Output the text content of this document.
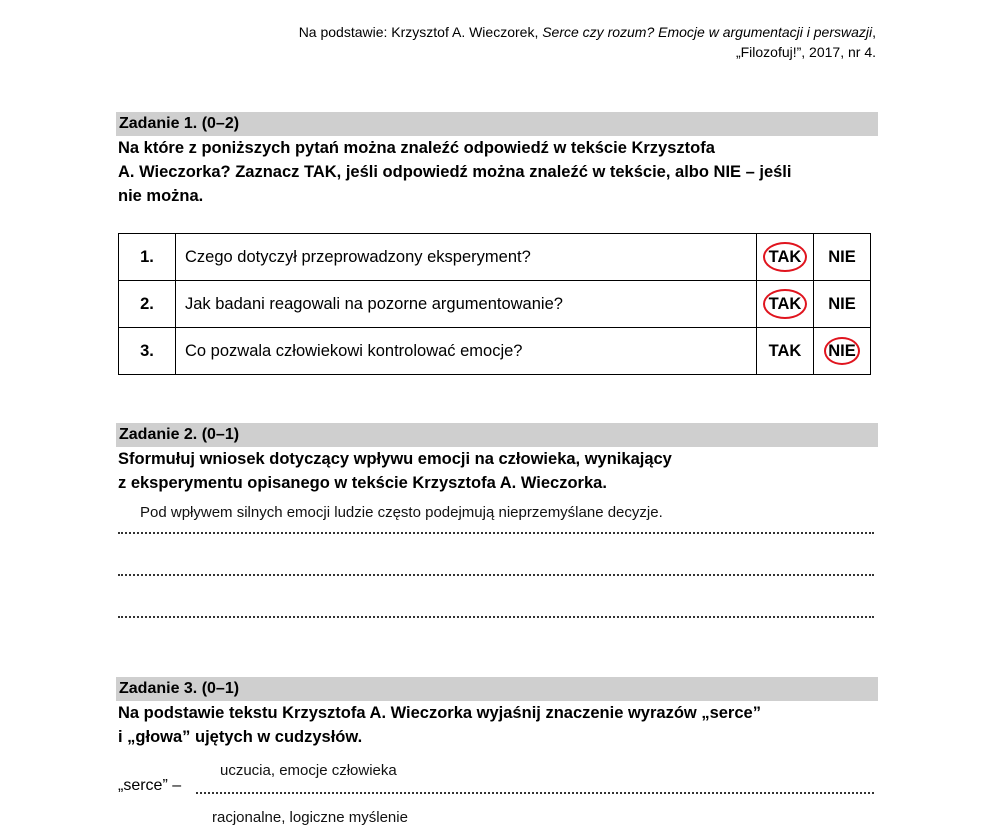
Na podstawie: Krzysztof A. Wieczorek, Serce czy rozum? Emocje w argumentacji i perswazji,
„Filozofuj!”, 2017, nr 4.
Zadanie 1. (0–2)
Na które z poniższych pytań można znaleźć odpowiedź w tekście Krzysztofa
A. Wieczorka? Zaznacz TAK, jeśli odpowiedź można znaleźć w tekście, albo NIE – jeśli
nie można.
1.	Czego dotyczył przeprowadzony eksperyment?	TAK	NIE
2.	Jak badani reagowali na pozorne argumentowanie?	TAK	NIE
3.	Co pozwala człowiekowi kontrolować emocje?	TAK	NIE
Zadanie 2. (0–1)
Sformułuj wniosek dotyczący wpływu emocji na człowieka, wynikający
z eksperymentu opisanego w tekście Krzysztofa A. Wieczorka.
Pod wpływem silnych emocji ludzie często podejmują nieprzemyślane decyzje.
Zadanie 3. (0–1)
Na podstawie tekstu Krzysztofa A. Wieczorka wyjaśnij znaczenie wyrazów „serce”
i „głowa” ujętych w cudzysłów.
uczucia, emocje człowieka
„serce” –
racjonalne, logiczne myślenie
